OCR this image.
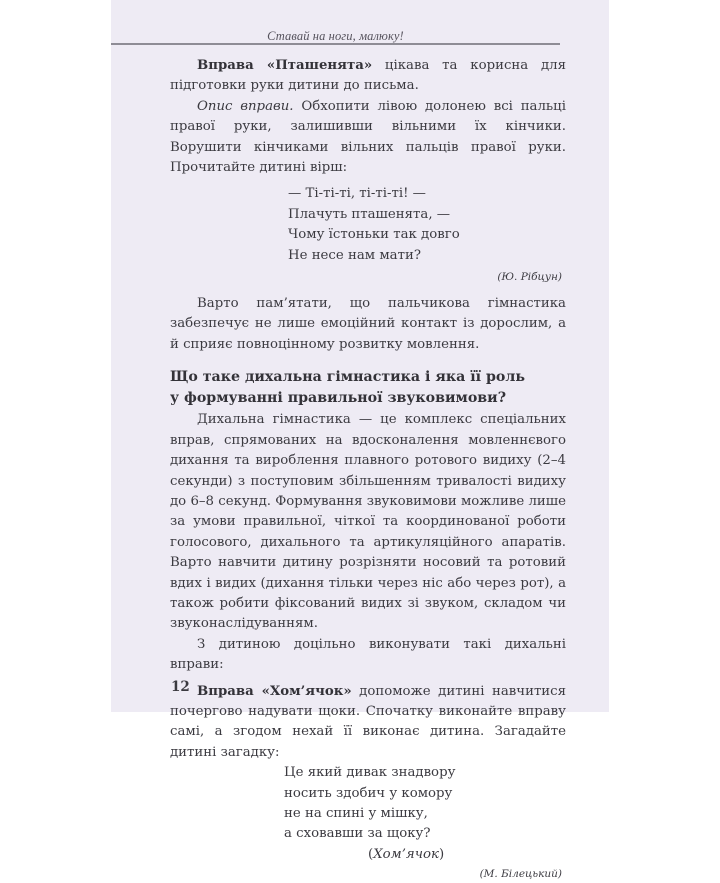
Ставай на ноги, малюку!

Вправа «Пташенята» цікава та корисна для підготовки руки дитини до письма.

Опис вправи. Обхопити лівою долонею всі пальці правої руки, залишивши вільними їх кінчики. Ворушити кінчиками вільних пальців правої руки. Прочитайте дитині вірш:

— Ті-ті-ті, ті-ті-ті! —
Плачуть пташенята, —
Чому їстоньки так довго
Не несе нам мати?
(Ю. Рібцун)

Варто пам’ятати, що пальчикова гімнастика забезпечує не лише емоційний контакт із дорослим, а й сприяє повноцінному розвитку мовлення.

Що таке дихальна гімнастика і яка її роль
у формуванні правильної звуковимови?

Дихальна гімнастика — це комплекс спеціальних вправ, спрямованих на вдосконалення мовленнєвого дихання та вироблення плавного ротового видиху (2–4 секунди) з поступовим збільшенням тривалості видиху до 6–8 секунд. Формування звуковимови можливе лише за умови правильної, чіткої та координованої роботи голосового, дихального та артикуляційного апаратів. Варто навчити дитину розрізняти носовий та ротовий вдих і видих (дихання тільки через ніс або через рот), а також робити фіксований видих зі звуком, складом чи звуконаслідуванням.

З дитиною доцільно виконувати такі дихальні вправи:

Вправа «Хом’ячок» допоможе дитині навчитися почергово надувати щоки. Спочатку виконайте вправу самі, а згодом нехай її виконає дитина. Загадайте дитині загадку:

Це який дивак знадвору
носить здобич у комору
не на спині у мішку,
а сховавши за щоку?
(Хом’ячок)
(М. Білецький)
12
